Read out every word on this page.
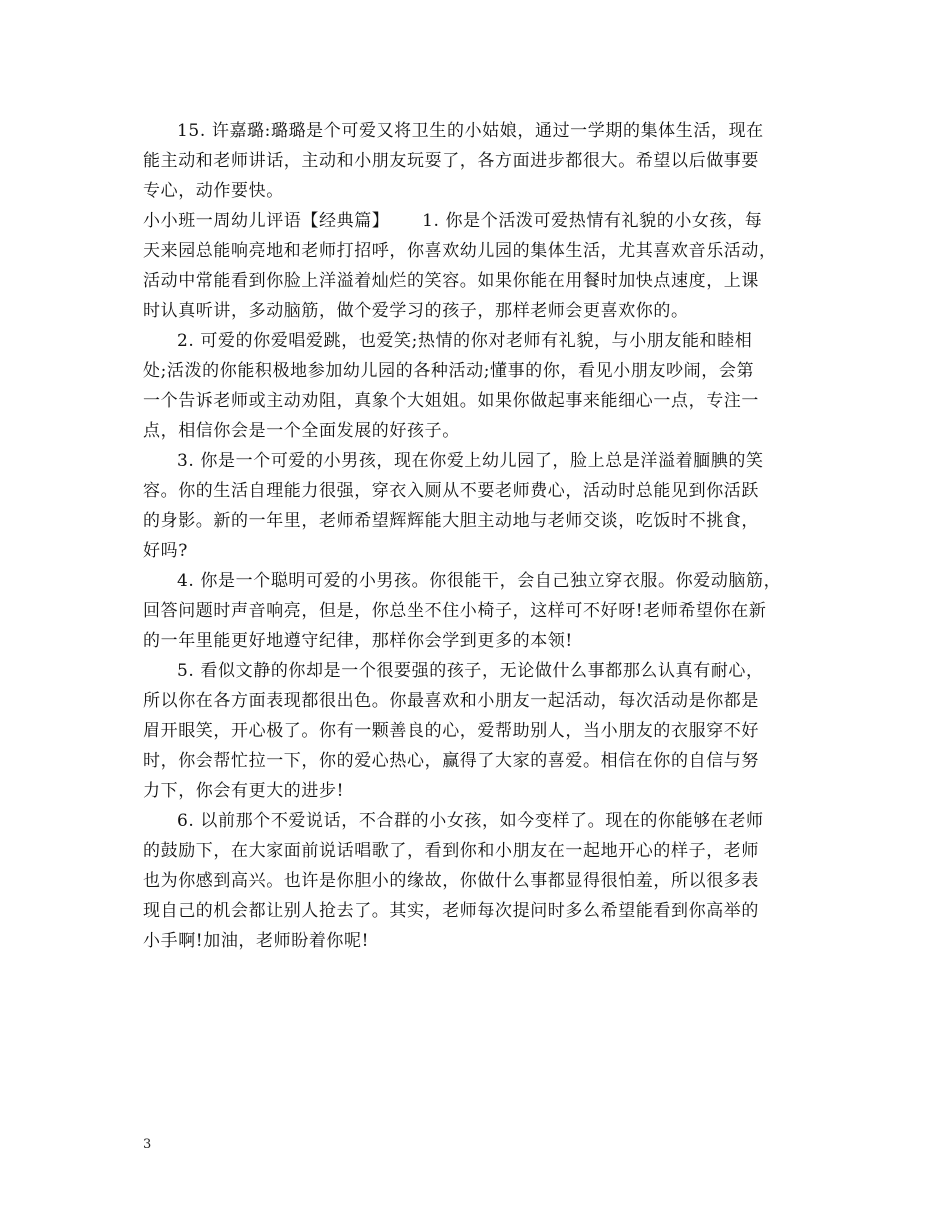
15. 许嘉璐:璐璐是个可爱又将卫生的小姑娘，通过一学期的集体生活，现在
能主动和老师讲话，主动和小朋友玩耍了，各方面进步都很大。希望以后做事要
专心，动作要快。
小小班一周幼儿评语【经典篇】　　 1. 你是个活泼可爱热情有礼貌的小女孩，每
天来园总能响亮地和老师打招呼，你喜欢幼儿园的集体生活，尤其喜欢音乐活动，
活动中常能看到你脸上洋溢着灿烂的笑容。如果你能在用餐时加快点速度，上课
时认真听讲，多动脑筋，做个爱学习的孩子，那样老师会更喜欢你的。
2. 可爱的你爱唱爱跳，也爱笑;热情的你对老师有礼貌，与小朋友能和睦相
处;活泼的你能积极地参加幼儿园的各种活动;懂事的你，看见小朋友吵闹，会第
一个告诉老师或主动劝阻，真象个大姐姐。如果你做起事来能细心一点，专注一
点，相信你会是一个全面发展的好孩子。
3. 你是一个可爱的小男孩，现在你爱上幼儿园了，脸上总是洋溢着腼腆的笑
容。你的生活自理能力很强，穿衣入厕从不要老师费心，活动时总能见到你活跃
的身影。新的一年里，老师希望辉辉能大胆主动地与老师交谈，吃饭时不挑食，
好吗?
4. 你是一个聪明可爱的小男孩。你很能干，会自己独立穿衣服。你爱动脑筋，
回答问题时声音响亮，但是，你总坐不住小椅子，这样可不好呀!老师希望你在新
的一年里能更好地遵守纪律，那样你会学到更多的本领!
5. 看似文静的你却是一个很要强的孩子，无论做什么事都那么认真有耐心，
所以你在各方面表现都很出色。你最喜欢和小朋友一起活动，每次活动是你都是
眉开眼笑，开心极了。你有一颗善良的心，爱帮助别人，当小朋友的衣服穿不好
时，你会帮忙拉一下，你的爱心热心，赢得了大家的喜爱。相信在你的自信与努
力下，你会有更大的进步!
6. 以前那个不爱说话，不合群的小女孩，如今变样了。现在的你能够在老师
的鼓励下，在大家面前说话唱歌了，看到你和小朋友在一起地开心的样子，老师
也为你感到高兴。也许是你胆小的缘故，你做什么事都显得很怕羞，所以很多表
现自己的机会都让别人抢去了。其实，老师每次提问时多么希望能看到你高举的
小手啊!加油，老师盼着你呢!
3
